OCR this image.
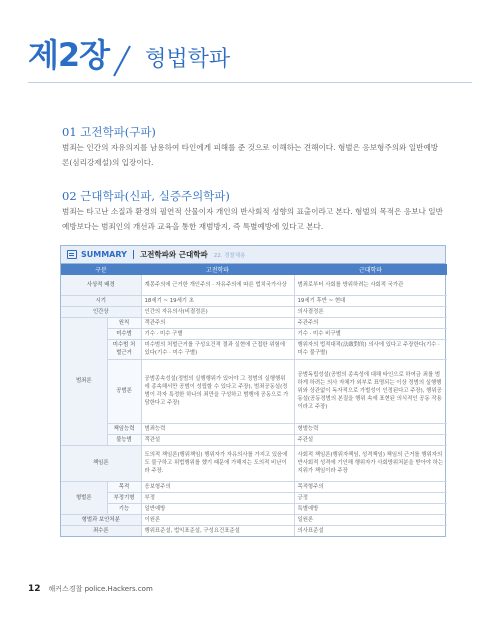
제2장 형법학파
01 고전학파(구파)
범죄는 인간의 자유의지를 남용하여 타인에게 피해를 준 것으로 이해하는 견해이다. 형벌은 응보형주의와 일반예방론(심리강제설)의 입장이다.
02 근대학파(신파, 실증주의학파)
범죄는 타고난 소질과 환경의 필연적 산물이자 개인의 반사회적 성향의 표출이라고 본다. 형벌의 목적은 응보나 일반예방보다는 범죄인의 개선과 교육을 통한 재범방지, 즉 특별예방에 있다고 본다.
SUMMARY 고전학파와 근대학파 22. 경찰채용
구분		고전학파	근대학파
사상적 배경		계몽주의에 근거한 개인주의 · 자유주의에 따른 법치국가사상	범죄로부터 사회를 방위하려는 사회적 국가관
시기		18세기 ~ 19세기 초	19세기 후반 ~ 현대
인간상		인간의 자유의사(비결정론)	의사결정론
범죄론	원칙	객관주의	주관주의
	미수범	기수 · 미수 구별	기수 · 미수 비구별
	미수범 처벌근거	미수범의 처벌근거를 구성요건적 결과 실현에 근접한 위험에 있다(기수 · 미수 구별)	행위자의 법적대적(法敵對的) 의사에 있다고 주장한다(기수 · 미수 불구별)
	공범론	공범종속성설(정범의 실행행위가 있어야 그 정범의 실행행위에 종속해서만 공범이 성립할 수 있다고 주장), 범죄공동설(정범이 각자 특정한 하나의 죄만을 구성하고 범행에 공동으로 가담한다고 주장)	공범독립성설(공범의 종속성에 대해 타인으로 하여금 죄를 범하게 하려는 의사 자체가 외부로 표명되는 이상 정범의 실행행위와 상관없이 독자적으로 가벌성이 인정된다고 주장), 행위공동설(공동정범의 본질을 행위 속에 표현된 의식적인 공동 작용이라고 주장)
	책임능력	범죄능력	형벌능력
	불능범	객관설	주관설
책임론		도의적 책임론(행위책임) 행위자가 자유의사를 가지고 있음에도 불구하고 위법행위를 했기 때문에 가해지는 도의적 비난이라 주장.	사회적 책임론(행위자책임, 성격책임) 책임의 근거를 행위자의 반사회적 성격에 기인해 행위자가 사회방위처분을 받아야 하는 지위가 책임이라 주장
형벌론	목적	응보형주의	목적형주의
	부정기형	부정	긍정
	기능	일반예방	특별예방
형벌과 보안처분		이원론	일원론
죄수론		행위표준설, 법익표준설, 구성요건표준설	의사표준설
12 해커스경찰 police.Hackers.com
